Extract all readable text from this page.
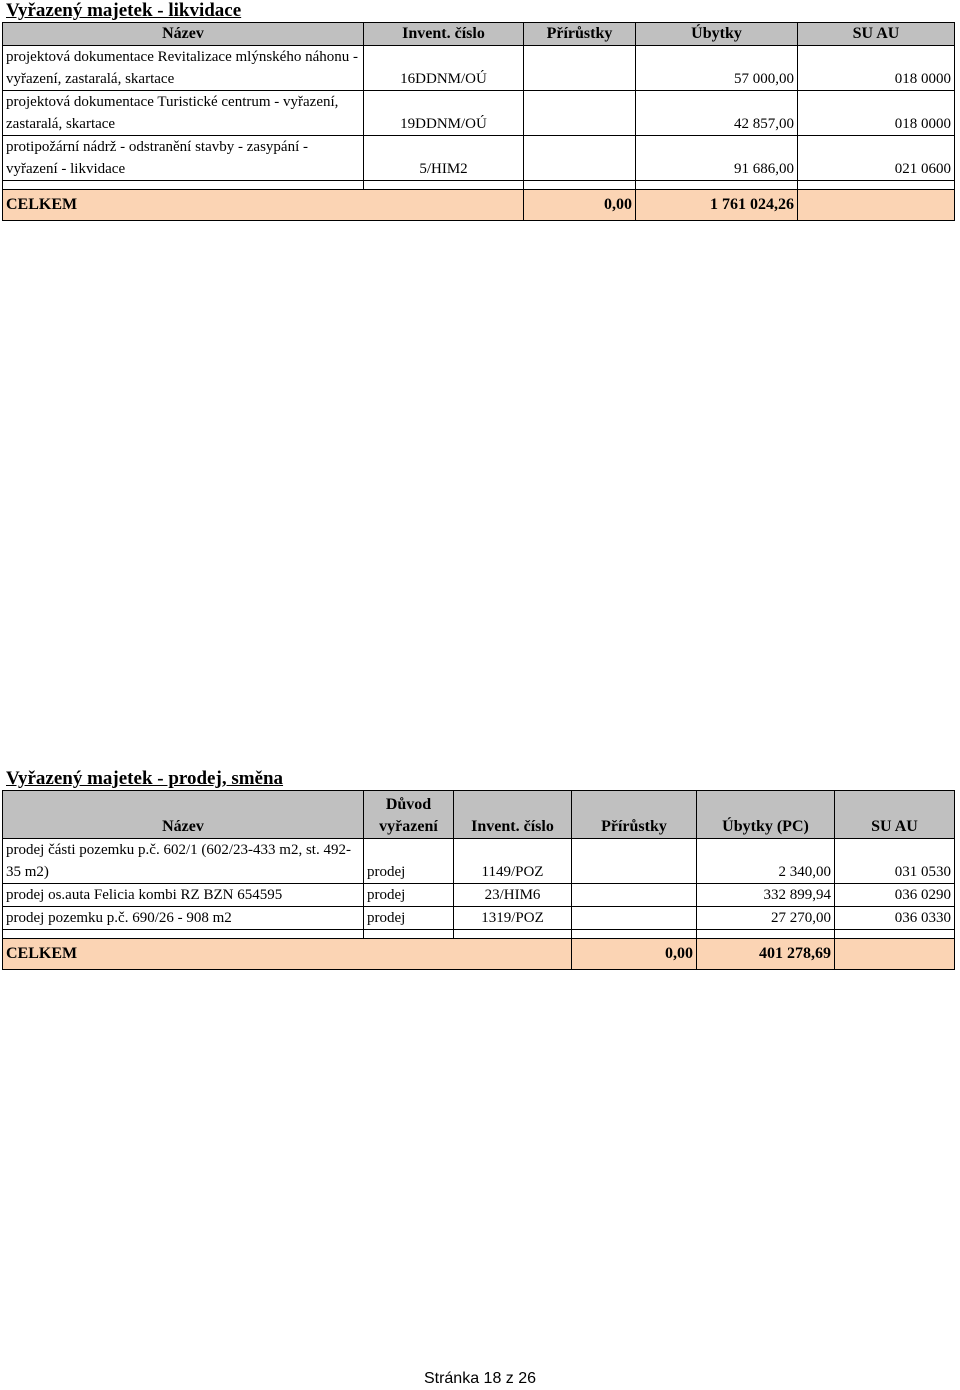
Vyřazený majetek - likvidace
Název	Invent. číslo	Přírůstky	Úbytky	SU AU
projektová dokumentace Revitalizace mlýnského náhonu - vyřazení, zastaralá, skartace	16DDNM/OÚ		57 000,00	018 0000
projektová dokumentace Turistické centrum - vyřazení, zastaralá, skartace	19DDNM/OÚ		42 857,00	018 0000
protipožární nádrž - odstranění stavby - zasypání - vyřazení - likvidace	5/HIM2		91 686,00	021 0600

CELKEM		0,00	1 761 024,26	
Vyřazený majetek - prodej, směna
Název	Důvod vyřazení	Invent. číslo	Přírůstky	Úbytky (PC)	SU AU
prodej části pozemku p.č. 602/1 (602/23-433 m2, st. 492-35 m2)	prodej	1149/POZ		2 340,00	031 0530
prodej os.auta Felicia kombi RZ BZN 654595	prodej	23/HIM6		332 899,94	036 0290
prodej pozemku p.č. 690/26 - 908 m2	prodej	1319/POZ		27 270,00	036 0330

CELKEM			0,00	401 278,69	
Stránka 18 z 26
